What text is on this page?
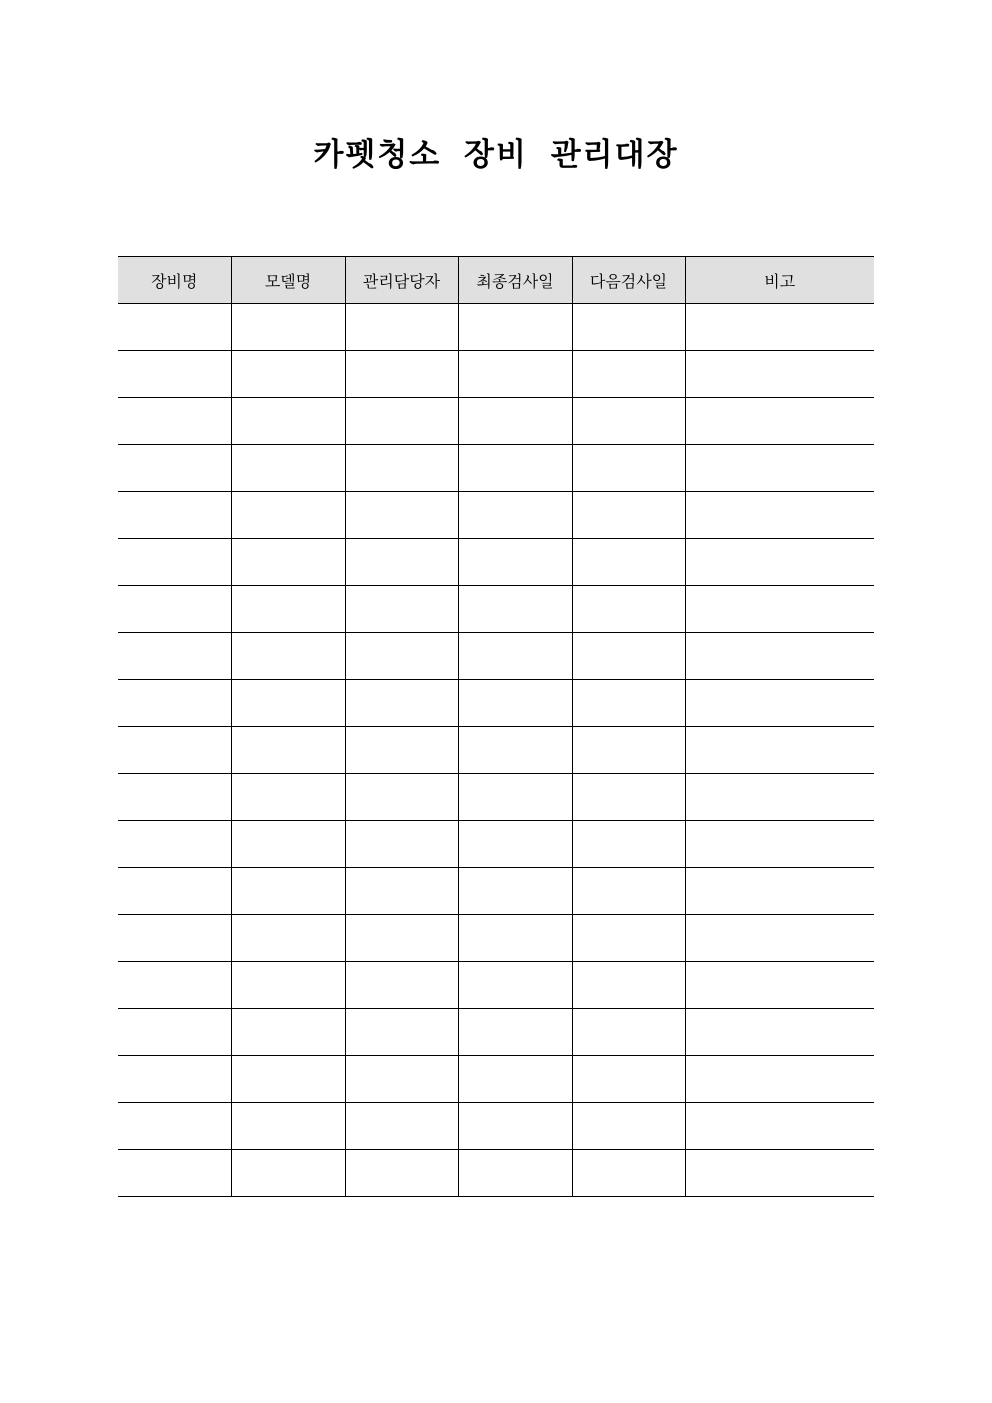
카펫청소 장비 관리대장
장비명	모델명	관리담당자	최종검사일	다음검사일	비고
